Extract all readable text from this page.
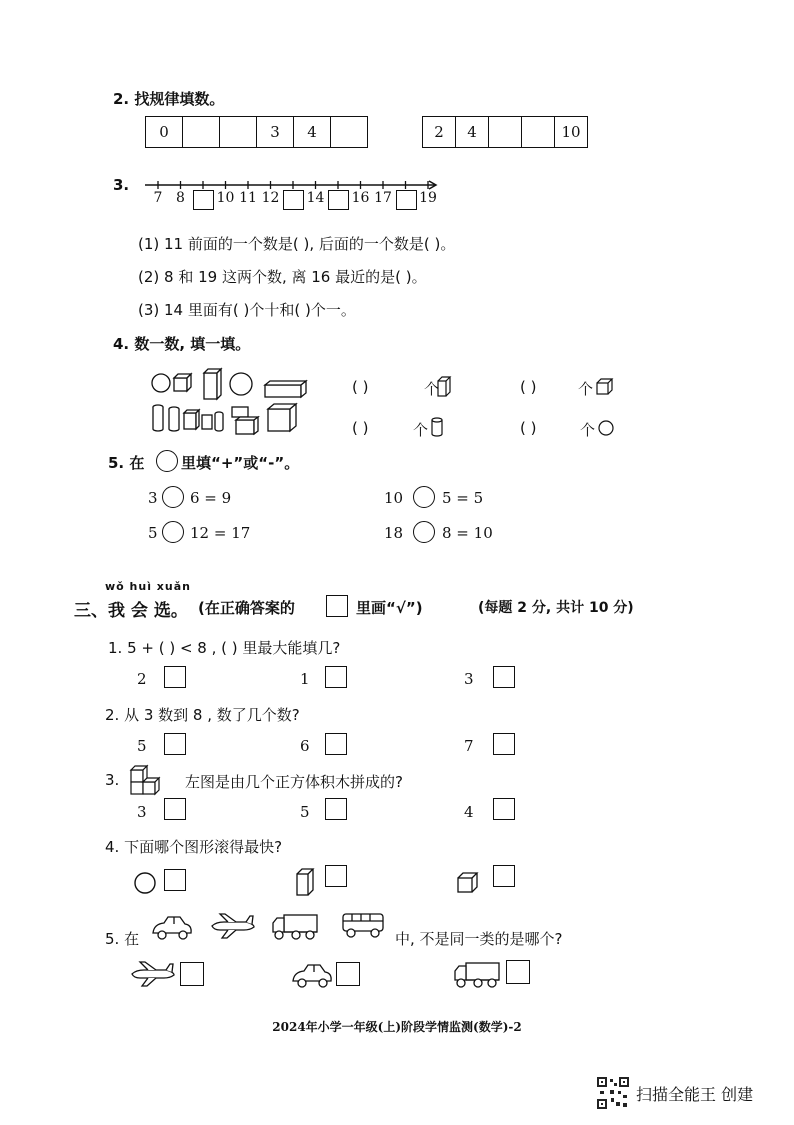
2. 找规律填数。
0	3	4	2	4	10
3.
7 8	10 11 12 14 16 17 19
(1) 11 前面的一个数是( ), 后面的一个数是( )。
(2) 8 和 19 这两个数, 离 16 最近的是( )。
(3) 14 里面有( )个十和( )个一。
4. 数一数, 填一填。
( )	个	( )	个
( )	个	( )	个
5. 在 里填“+”或“-”。
3 6 = 9	10	5 = 5
5 12 = 17	18	8 = 10
wǒ huì xuǎn
三、我 会 选。 (在正确答案的	里画“√”)	(每题 2 分, 共计 10 分)
1. 5 + ( ) < 8 , ( ) 里最大能填几?
2	1	3
2. 从 3 数到 8 , 数了几个数?
5	6	7
3.	左图是由几个正方体积木拼成的?
3	5	4
4. 下面哪个图形滚得最快?
5. 在	中, 不是同一类的是哪个?
2024年小学一年级(上)阶段学情监测(数学)-2
扫描全能王 创建
